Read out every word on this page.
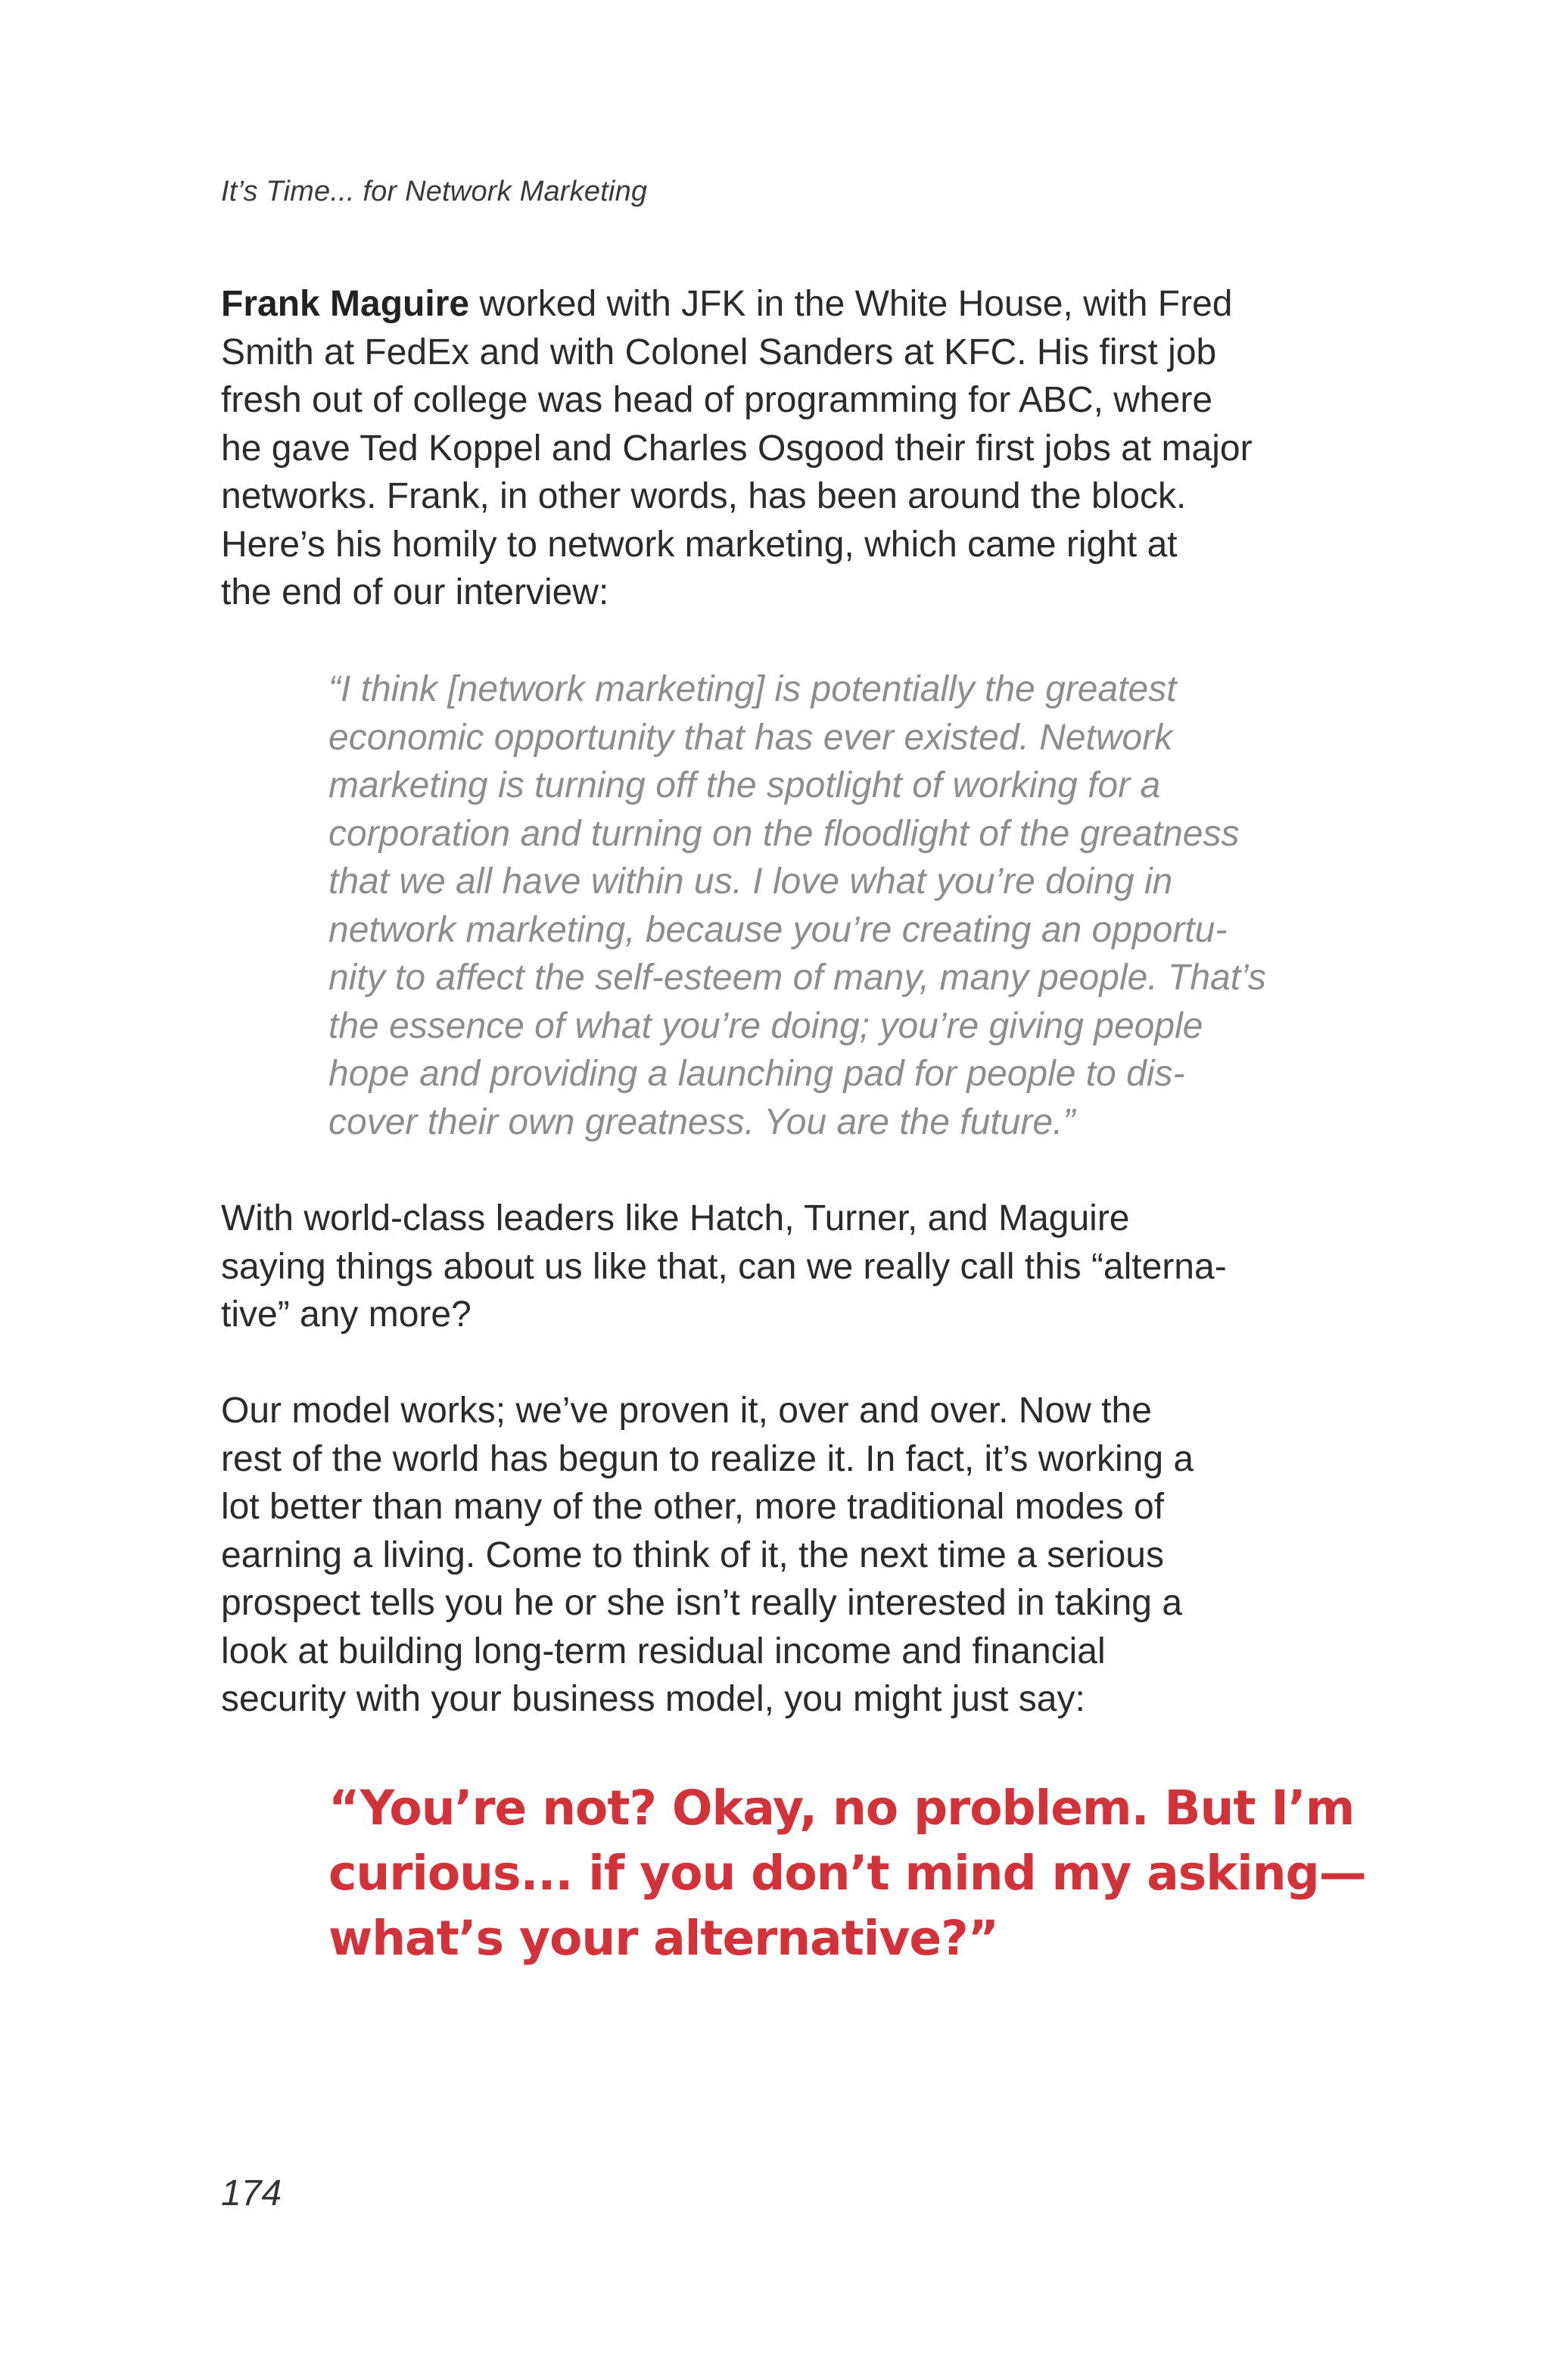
It’s Time... for Network Marketing

Frank Maguire worked with JFK in the White House, with Fred
Smith at FedEx and with Colonel Sanders at KFC. His first job
fresh out of college was head of programming for ABC, where
he gave Ted Koppel and Charles Osgood their first jobs at major
networks. Frank, in other words, has been around the block.
Here’s his homily to network marketing, which came right at
the end of our interview:

“I think [network marketing] is potentially the greatest
economic opportunity that has ever existed. Network
marketing is turning off the spotlight of working for a
corporation and turning on the floodlight of the greatness
that we all have within us. I love what you’re doing in
network marketing, because you’re creating an opportu-
nity to affect the self-esteem of many, many people. That’s
the essence of what you’re doing; you’re giving people
hope and providing a launching pad for people to dis-
cover their own greatness. You are the future.”

With world-class leaders like Hatch, Turner, and Maguire
saying things about us like that, can we really call this “alterna-
tive” any more?

Our model works; we’ve proven it, over and over. Now the
rest of the world has begun to realize it. In fact, it’s working a
lot better than many of the other, more traditional modes of
earning a living. Come to think of it, the next time a serious
prospect tells you he or she isn’t really interested in taking a
look at building long-term residual income and financial
security with your business model, you might just say:

“You’re not? Okay, no problem. But I’m
curious... if you don’t mind my asking—
what’s your alternative?”

174
